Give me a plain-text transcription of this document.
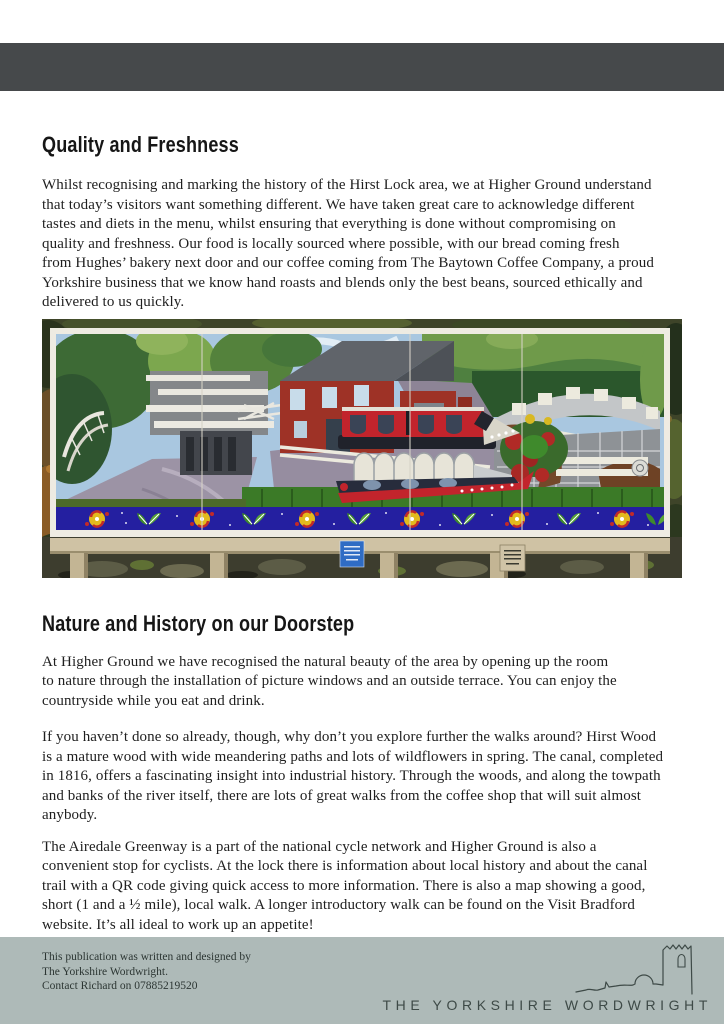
Quality and Freshness
Whilst recognising and marking the history of the Hirst Lock area, we at Higher Ground understand
that today’s visitors want something different. We have taken great care to acknowledge different
tastes and diets in the menu, whilst ensuring that everything is done without compromising on
quality and freshness. Our food is locally sourced where possible, with our bread coming fresh
from Hughes’ bakery next door and our coffee coming from The Baytown Coffee Company, a proud
Yorkshire business that we know hand roasts and blends only the best beans, sourced ethically and
delivered to us quickly.
Nature and History on our Doorstep
At Higher Ground we have recognised the natural beauty of the area by opening up the room
to nature through the installation of picture windows and an outside terrace. You can enjoy the
countryside while you eat and drink.
If you haven’t done so already, though, why don’t you explore further the walks around? Hirst Wood
is a mature wood with wide meandering paths and lots of wildflowers in spring. The canal, completed
in 1816, offers a fascinating insight into industrial history. Through the woods, and along the towpath
and banks of the river itself, there are lots of great walks from the coffee shop that will suit almost
anybody.
The Airedale Greenway is a part of the national cycle network and Higher Ground is also a
convenient stop for cyclists. At the lock there is information about local history and about the canal
trail with a QR code giving quick access to more information. There is also a map showing a good,
short (1 and a ½ mile), local walk. A longer introductory walk can be found on the Visit Bradford
website. It’s all ideal to work up an appetite!
This publication was written and designed by
The Yorkshire Wordwright.
Contact Richard on 07885219520
THE YORKSHIRE WORDWRIGHT
